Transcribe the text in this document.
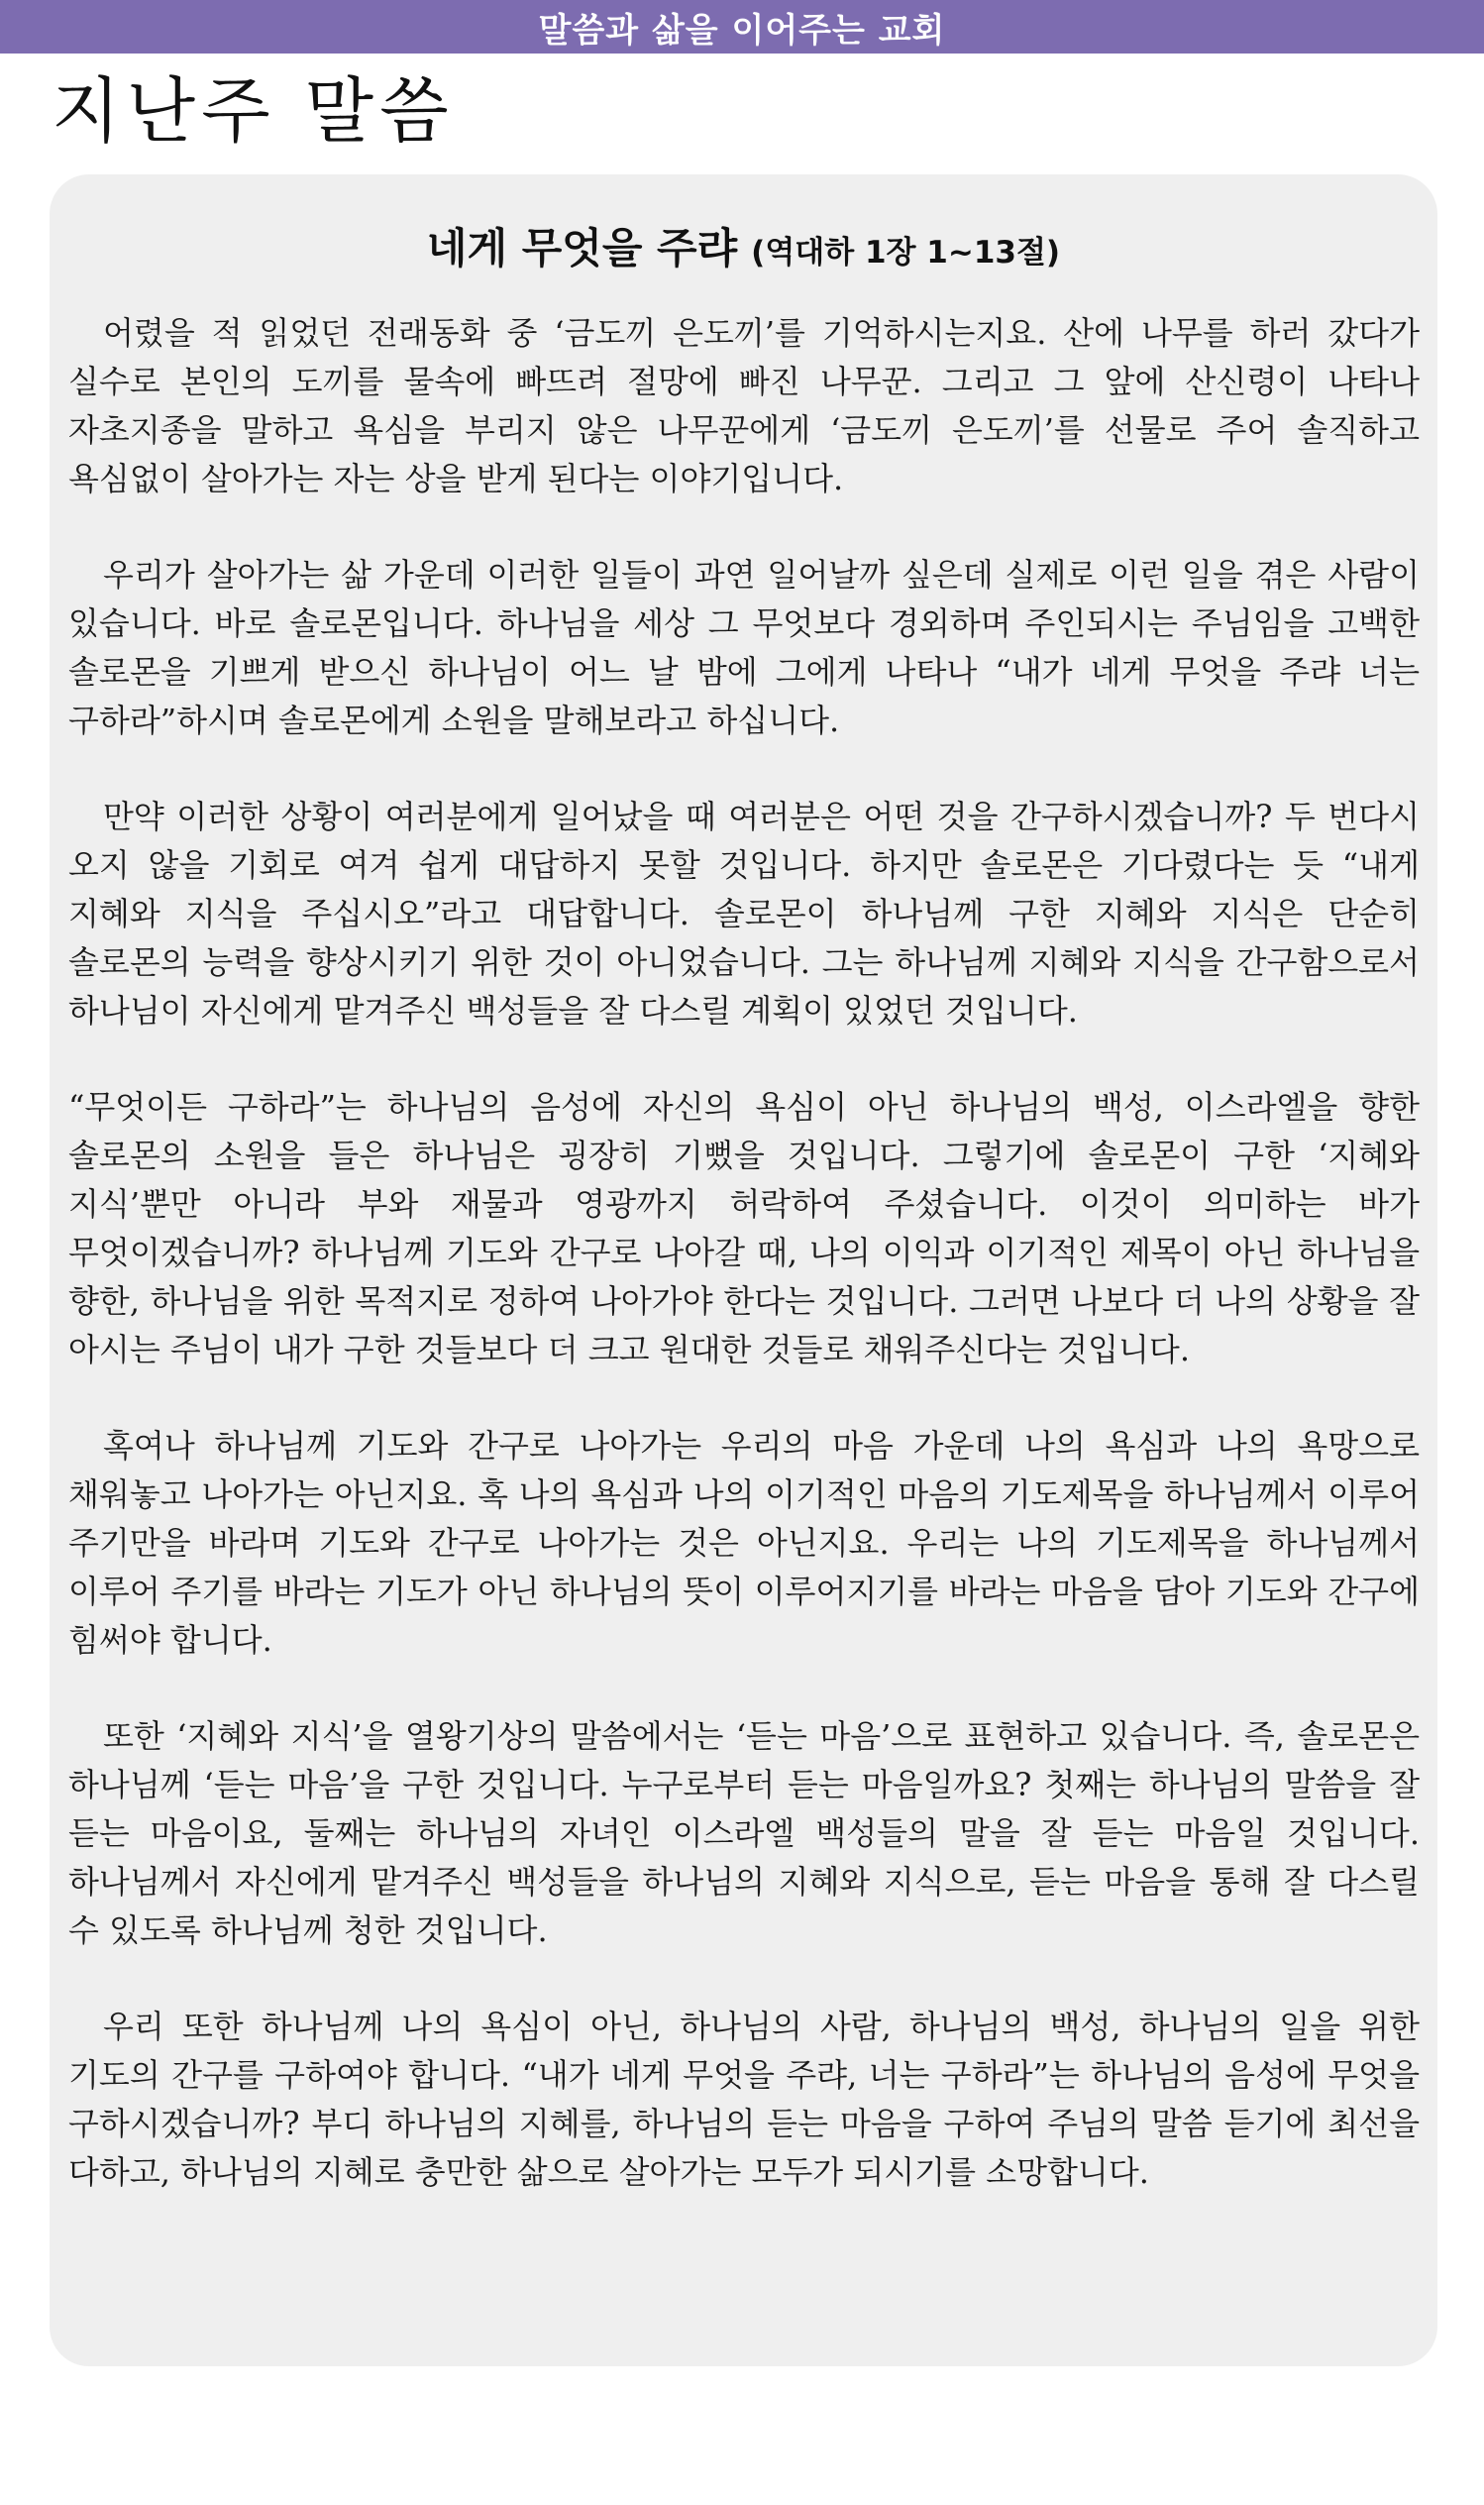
말씀과 삶을 이어주는 교회
지난주 말씀
네게 무엇을 주랴 (역대하 1장 1~13절)

어렸을 적 읽었던 전래동화 중 ‘금도끼 은도끼’를 기억하시는지요. 산에 나무를 하러 갔다가 실수로 본인의 도끼를 물속에 빠뜨려 절망에 빠진 나무꾼. 그리고 그 앞에 산신령이 나타나 자초지종을 말하고 욕심을 부리지 않은 나무꾼에게 ‘금도끼 은도끼’를 선물로 주어 솔직하고 욕심없이 살아가는 자는 상을 받게 된다는 이야기입니다.

우리가 살아가는 삶 가운데 이러한 일들이 과연 일어날까 싶은데 실제로 이런 일을 겪은 사람이 있습니다. 바로 솔로몬입니다. 하나님을 세상 그 무엇보다 경외하며 주인되시는 주님임을 고백한 솔로몬을 기쁘게 받으신 하나님이 어느 날 밤에 그에게 나타나 “내가 네게 무엇을 주랴 너는 구하라”하시며 솔로몬에게 소원을 말해보라고 하십니다.

만약 이러한 상황이 여러분에게 일어났을 때 여러분은 어떤 것을 간구하시겠습니까? 두 번다시 오지 않을 기회로 여겨 쉽게 대답하지 못할 것입니다. 하지만 솔로몬은 기다렸다는 듯 “내게 지혜와 지식을 주십시오”라고 대답합니다. 솔로몬이 하나님께 구한 지혜와 지식은 단순히 솔로몬의 능력을 향상시키기 위한 것이 아니었습니다. 그는 하나님께 지혜와 지식을 간구함으로서 하나님이 자신에게 맡겨주신 백성들을 잘 다스릴 계획이 있었던 것입니다.

“무엇이든 구하라”는 하나님의 음성에 자신의 욕심이 아닌 하나님의 백성, 이스라엘을 향한 솔로몬의 소원을 들은 하나님은 굉장히 기뻤을 것입니다. 그렇기에 솔로몬이 구한 ‘지혜와 지식’뿐만 아니라 부와 재물과 영광까지 허락하여 주셨습니다. 이것이 의미하는 바가 무엇이겠습니까? 하나님께 기도와 간구로 나아갈 때, 나의 이익과 이기적인 제목이 아닌 하나님을 향한, 하나님을 위한 목적지로 정하여 나아가야 한다는 것입니다. 그러면 나보다 더 나의 상황을 잘 아시는 주님이 내가 구한 것들보다 더 크고 원대한 것들로 채워주신다는 것입니다.

혹여나 하나님께 기도와 간구로 나아가는 우리의 마음 가운데 나의 욕심과 나의 욕망으로 채워놓고 나아가는 아닌지요. 혹 나의 욕심과 나의 이기적인 마음의 기도제목을 하나님께서 이루어 주기만을 바라며 기도와 간구로 나아가는 것은 아닌지요. 우리는 나의 기도제목을 하나님께서 이루어 주기를 바라는 기도가 아닌 하나님의 뜻이 이루어지기를 바라는 마음을 담아 기도와 간구에 힘써야 합니다.

또한 ‘지혜와 지식’을 열왕기상의 말씀에서는 ‘듣는 마음’으로 표현하고 있습니다. 즉, 솔로몬은 하나님께 ‘듣는 마음’을 구한 것입니다. 누구로부터 듣는 마음일까요? 첫째는 하나님의 말씀을 잘 듣는 마음이요, 둘째는 하나님의 자녀인 이스라엘 백성들의 말을 잘 듣는 마음일 것입니다. 하나님께서 자신에게 맡겨주신 백성들을 하나님의 지혜와 지식으로, 듣는 마음을 통해 잘 다스릴 수 있도록 하나님께 청한 것입니다.

우리 또한 하나님께 나의 욕심이 아닌, 하나님의 사람, 하나님의 백성, 하나님의 일을 위한 기도의 간구를 구하여야 합니다. “내가 네게 무엇을 주랴, 너는 구하라”는 하나님의 음성에 무엇을 구하시겠습니까? 부디 하나님의 지혜를, 하나님의 듣는 마음을 구하여 주님의 말씀 듣기에 최선을 다하고, 하나님의 지혜로 충만한 삶으로 살아가는 모두가 되시기를 소망합니다.
